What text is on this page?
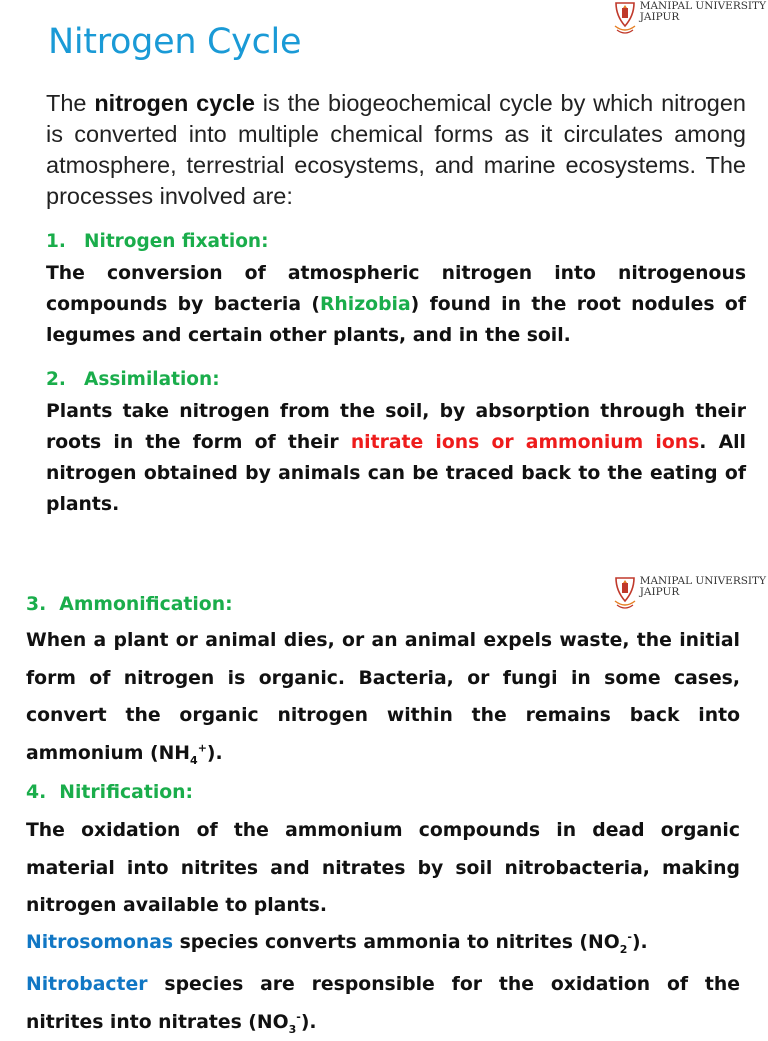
MANIPAL UNIVERSITY
JAIPUR
Nitrogen Cycle

The nitrogen cycle is the biogeochemical cycle by which nitrogen is converted into multiple chemical forms as it circulates among atmosphere, terrestrial ecosystems, and marine ecosystems. The processes involved are:

1. Nitrogen fixation:

The conversion of atmospheric nitrogen into nitrogenous compounds by bacteria (Rhizobia) found in the root nodules of legumes and certain other plants, and in the soil.

2. Assimilation:

Plants take nitrogen from the soil, by absorption through their roots in the form of their nitrate ions or ammonium ions. All nitrogen obtained by animals can be traced back to the eating of plants.

MANIPAL UNIVERSITY
JAIPUR

3. Ammonification:

When a plant or animal dies, or an animal expels waste, the initial form of nitrogen is organic. Bacteria, or fungi in some cases, convert the organic nitrogen within the remains back into ammonium $(NH_4^+)$.

4. Nitrification:

The oxidation of the ammonium compounds in dead organic material into nitrites and nitrates by soil nitrobacteria, making nitrogen available to plants.

Nitrosomonas species converts ammonia to nitrites $(NO_2^-)$.

Nitrobacter species are responsible for the oxidation of the nitrites into nitrates $(NO_3^-)$.
